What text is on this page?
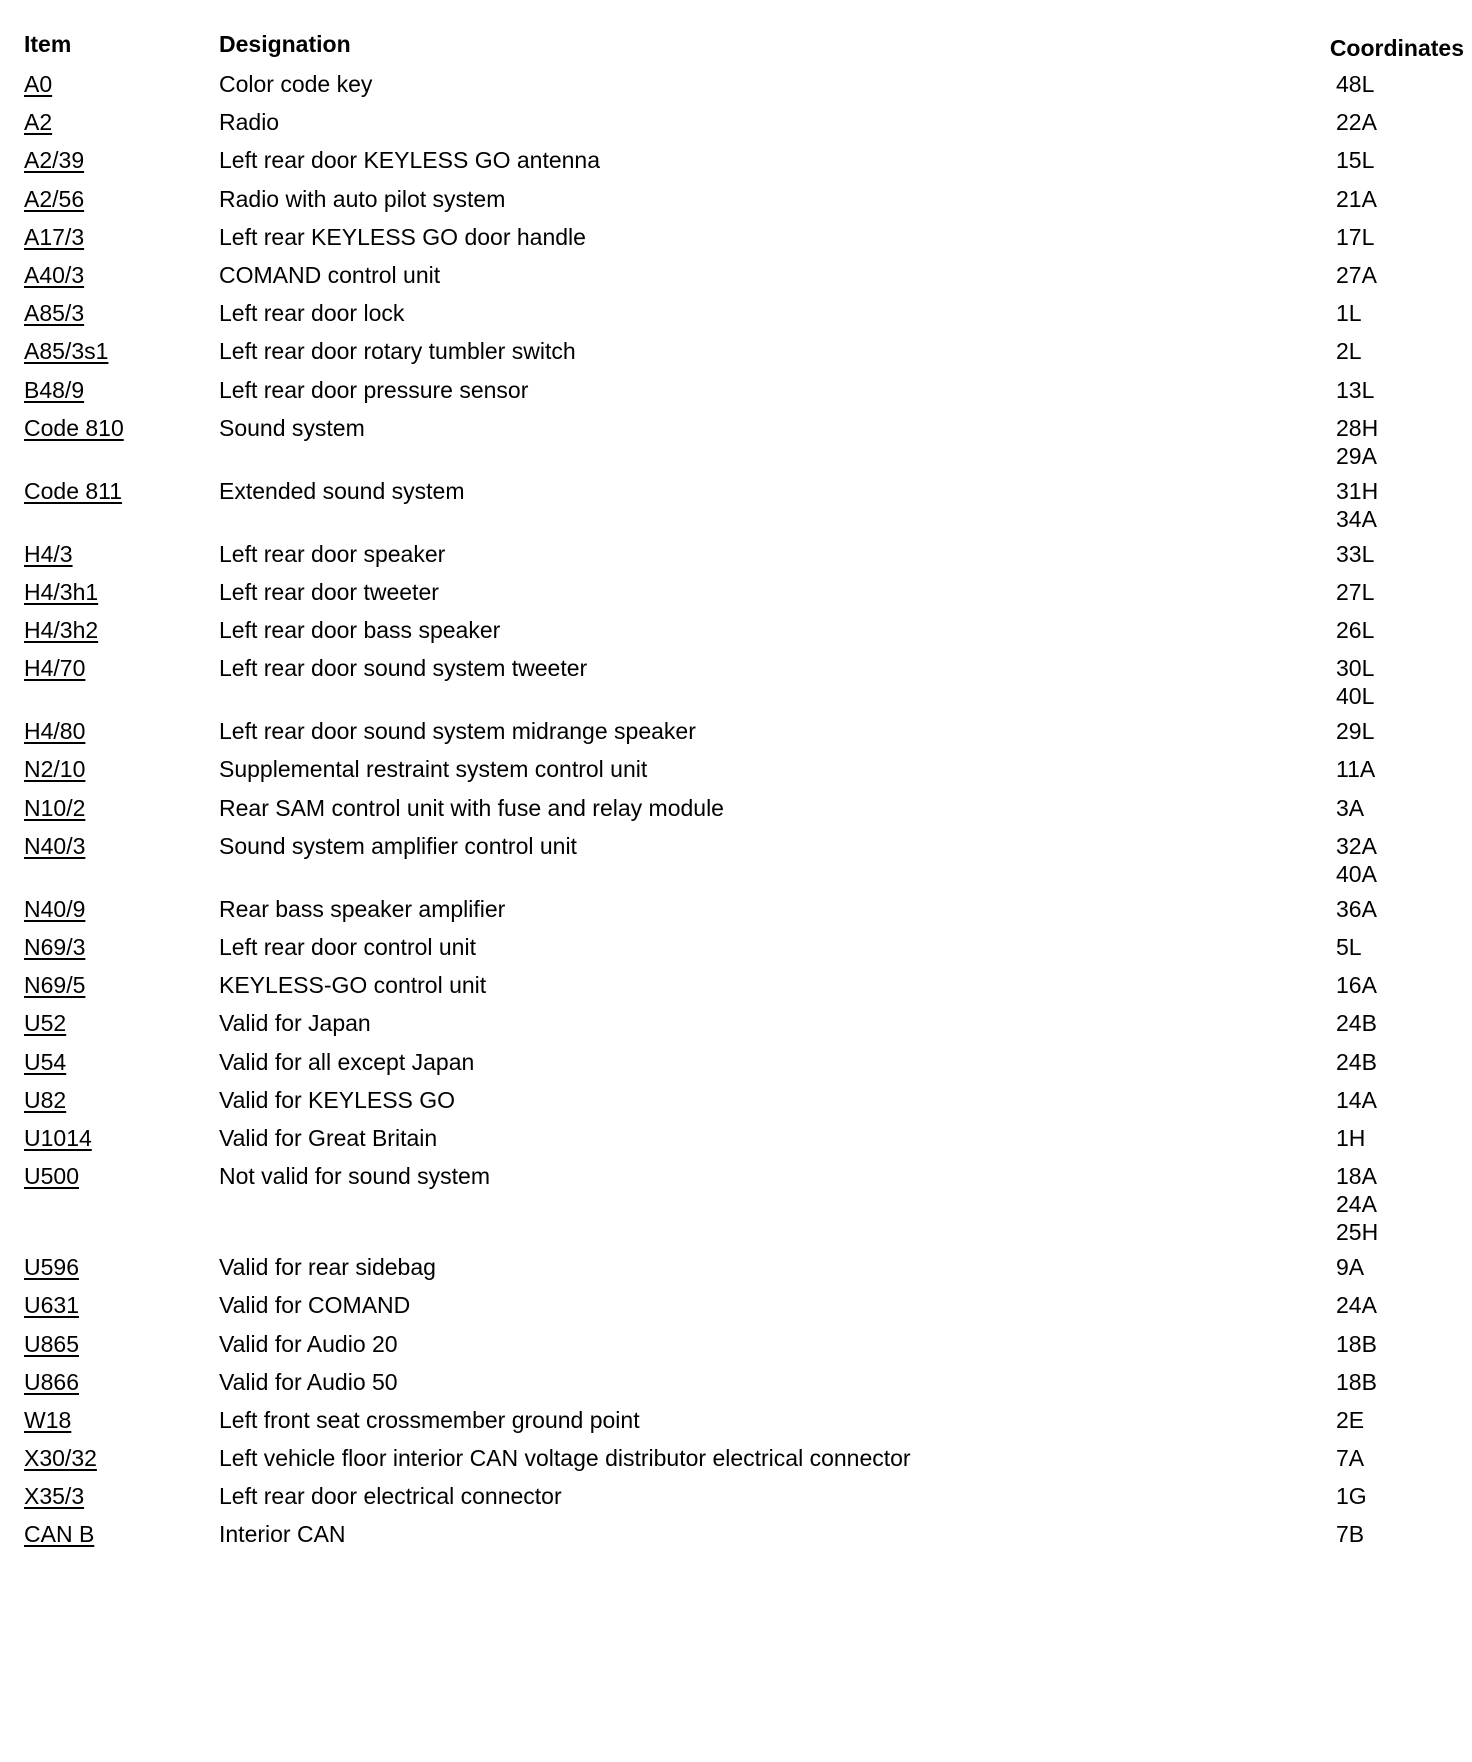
Item	Designation	Coordinates
A0	Color code key	48L
A2	Radio	22A
A2/39	Left rear door KEYLESS GO antenna	15L
A2/56	Radio with auto pilot system	21A
A17/3	Left rear KEYLESS GO door handle	17L
A40/3	COMAND control unit	27A
A85/3	Left rear door lock	1L
A85/3s1	Left rear door rotary tumbler switch	2L
B48/9	Left rear door pressure sensor	13L
Code 810	Sound system	28H
29A
Code 811	Extended sound system	31H
34A
H4/3	Left rear door speaker	33L
H4/3h1	Left rear door tweeter	27L
H4/3h2	Left rear door bass speaker	26L
H4/70	Left rear door sound system tweeter	30L
40L
H4/80	Left rear door sound system midrange speaker	29L
N2/10	Supplemental restraint system control unit	11A
N10/2	Rear SAM control unit with fuse and relay module	3A
N40/3	Sound system amplifier control unit	32A
40A
N40/9	Rear bass speaker amplifier	36A
N69/3	Left rear door control unit	5L
N69/5	KEYLESS-GO control unit	16A
U52	Valid for Japan	24B
U54	Valid for all except Japan	24B
U82	Valid for KEYLESS GO	14A
U1014	Valid for Great Britain	1H
U500	Not valid for sound system	18A
24A
25H
U596	Valid for rear sidebag	9A
U631	Valid for COMAND	24A
U865	Valid for Audio 20	18B
U866	Valid for Audio 50	18B
W18	Left front seat crossmember ground point	2E
X30/32	Left vehicle floor interior CAN voltage distributor electrical connector	7A
X35/3	Left rear door electrical connector	1G
CAN B	Interior CAN	7B
